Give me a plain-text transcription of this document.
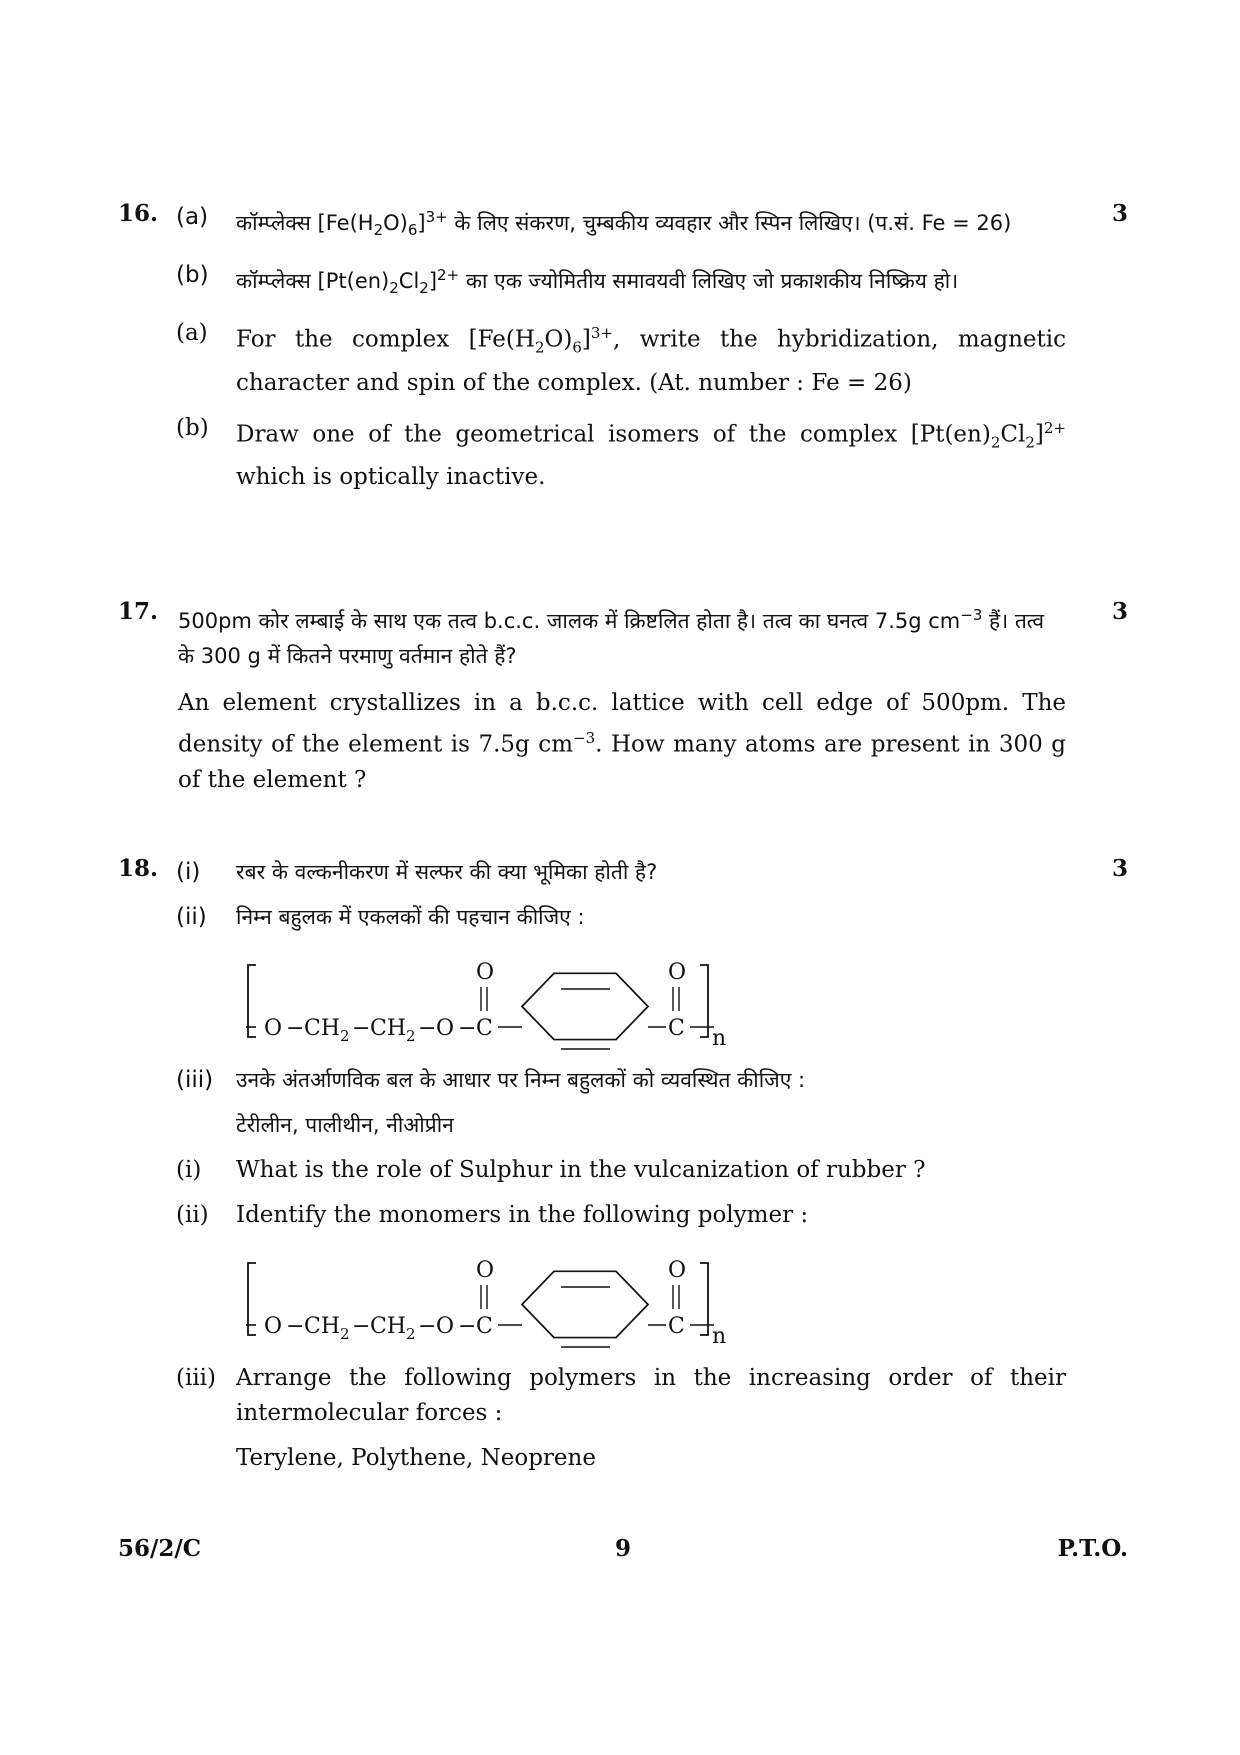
16.	3
(a) कॉम्प्लेक्स $[Fe(H_2O)_6]^{3+}$ के लिए संकरण, चुम्बकीय व्यवहार और स्पिन लिखिए। (प.सं. Fe = 26)
(b) कॉम्प्लेक्स $[Pt(en)_2Cl_2]^{2+}$ का एक ज्योमितीय समावयवी लिखिए जो प्रकाशकीय निष्क्रिय हो।
(a) For the complex $[Fe(H_2O)_6]^{3+}$, write the hybridization, magnetic character and spin of the complex. (At. number : Fe = 26)
(b) Draw one of the geometrical isomers of the complex $[Pt(en)_2Cl_2]^{2+}$ which is optically inactive.
17.	3
500pm कोर लम्बाई के साथ एक तत्व b.c.c. जालक में क्रिष्टलित होता है। तत्व का घनत्व 7.5g $cm^{-3}$ हैं। तत्व के 300 g में कितने परमाणु वर्तमान होते हैं?
An element crystallizes in a b.c.c. lattice with cell edge of 500pm. The density of the element is 7.5g $cm^{-3}$. How many atoms are present in 300 g of the element ?
18.	3
(i) रबर के वल्कनीकरण में सल्फर की क्या भूमिका होती है?
(ii) निम्न बहुलक में एकलकों की पहचान कीजिए :
O − CH 2 − CH 2 − O − C
O
C
O
n
(iii) उनके अंतर्आणविक बल के आधार पर निम्न बहुलकों को व्यवस्थित कीजिए :
टेरीलीन, पालीथीन, नीओप्रीन
(i) What is the role of Sulphur in the vulcanization of rubber ?
(ii) Identify the monomers in the following polymer :
O − CH 2 − CH 2 − O − C
O
C
O
n
(iii) Arrange the following polymers in the increasing order of their intermolecular forces :
Terylene, Polythene, Neoprene
56/2/C	9	P.T.O.
